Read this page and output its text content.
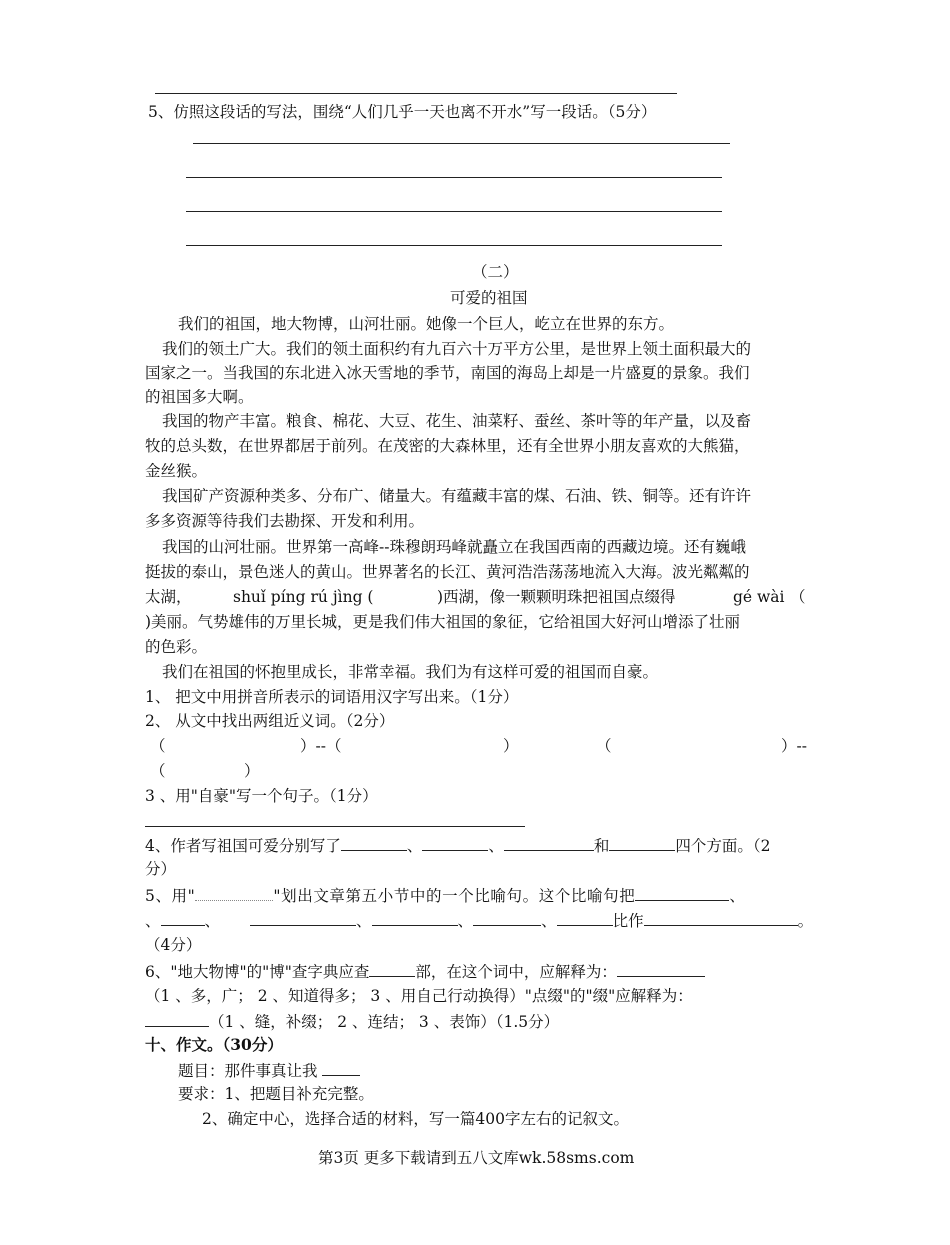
5、仿照这段话的写法，围绕“人们几乎一天也离不开水”写一段话。（5分）
（二）
可爱的祖国
我们的祖国，地大物博，山河壮丽。她像一个巨人，屹立在世界的东方。
我们的领土广大。我们的领土面积约有九百六十万平方公里，是世界上领土面积最大的
国家之一。当我国的东北进入冰天雪地的季节，南国的海岛上却是一片盛夏的景象。我们
的祖国多大啊。
我国的物产丰富。粮食、棉花、大豆、花生、油菜籽、蚕丝、茶叶等的年产量，以及畜
牧的总头数，在世界都居于前列。在茂密的大森林里，还有全世界小朋友喜欢的大熊猫，
金丝猴。
我国矿产资源种类多、分布广、储量大。有蕴藏丰富的煤、石油、铁、铜等。还有许许
多多资源等待我们去勘探、开发和利用。
我国的山河壮丽。世界第一高峰--珠穆朗玛峰就矗立在我国西南的西藏边境。还有巍峨
挺拔的泰山，景色迷人的黄山。世界著名的长江、黄河浩浩荡荡地流入大海。波光粼粼的
太湖，	shuǐ píng rú jìng (	)西湖，像一颗颗明珠把祖国点缀得	gé wài （
)美丽。气势雄伟的万里长城，更是我们伟大祖国的象征，它给祖国大好河山增添了壮丽
的色彩。
我们在祖国的怀抱里成长，非常幸福。我们为有这样可爱的祖国而自豪。
1、 把文中用拼音所表示的词语用汉字写出来。（1分）
2、 从文中找出两组近义词。（2分）
（	）--（	）	（	）--
（	）
3 、用"自豪"写一个句子。（1分）
4、作者写祖国可爱分别写了	、	、	和	四个方面。（2
分）
5、用"	"划出文章第五小节中的一个比喻句。这个比喻句把	、
、	、	、	、	、	比作	。
（4分）
6、"地大物博"的"博"查字典应查	部，在这个词中，应解释为：
（1 、多，广； 2 、知道得多； 3 、用自己行动换得）"点缀"的"缀"应解释为：
（1 、缝，补缀； 2 、连结； 3 、表饰）（1.5分）
十、作文。（30分）
题目：那件事真让我
要求：1、把题目补充完整。
2、确定中心，选择合适的材料，写一篇400字左右的记叙文。
第3页 更多下载请到五八文库wk.58sms.com
